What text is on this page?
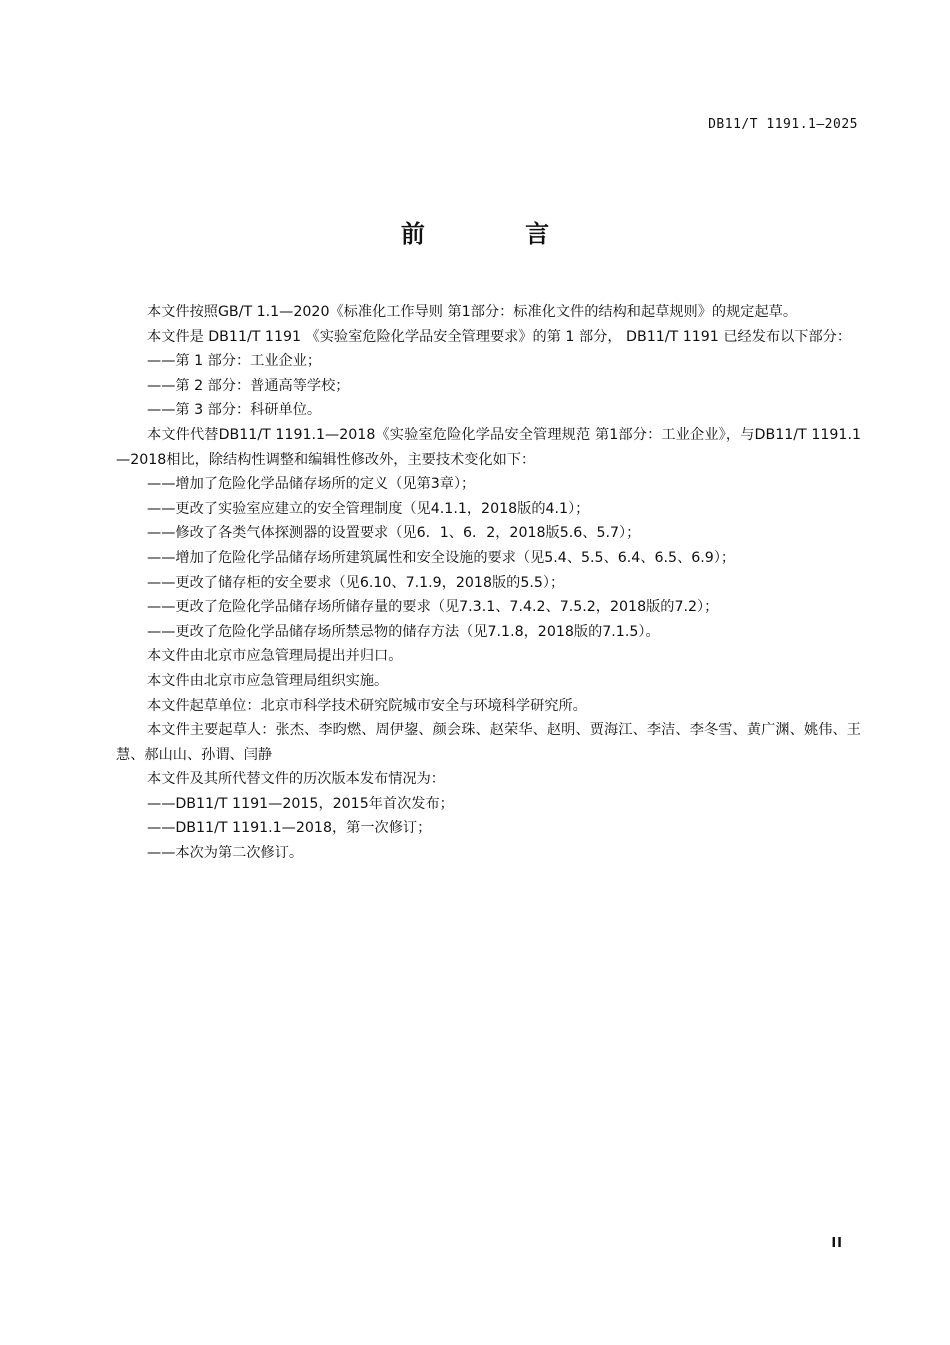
DB11/T 1191.1—2025
前 言

本文件按照GB/T 1.1—2020《标准化工作导则 第1部分：标准化文件的结构和起草规则》的规定起草。

本文件是 DB11/T 1191 《实验室危险化学品安全管理要求》的第 1 部分， DB11/T 1191 已经发布以下部分：

——第 1 部分：工业企业；

——第 2 部分：普通高等学校；

——第 3 部分：科研单位。

本文件代替DB11/T 1191.1—2018《实验室危险化学品安全管理规范 第1部分：工业企业》，与DB11/T 1191.1—2018相比，除结构性调整和编辑性修改外，主要技术变化如下：

——增加了危险化学品储存场所的定义（见第3章）；

——更改了实验室应建立的安全管理制度（见4.1.1，2018版的4.1）；

——修改了各类气体探测器的设置要求（见6．1、6．2，2018版5.6、5.7）；

——增加了危险化学品储存场所建筑属性和安全设施的要求（见5.4、5.5、6.4、6.5、6.9）；

——更改了储存柜的安全要求（见6.10、7.1.9，2018版的5.5）；

——更改了危险化学品储存场所储存量的要求（见7.3.1、7.4.2、7.5.2，2018版的7.2）；

——更改了危险化学品储存场所禁忌物的储存方法（见7.1.8，2018版的7.1.5）。

本文件由北京市应急管理局提出并归口。

本文件由北京市应急管理局组织实施。

本文件起草单位：北京市科学技术研究院城市安全与环境科学研究所。

本文件主要起草人：张杰、李昀燃、周伊鋆、颜会珠、赵荣华、赵明、贾海江、李洁、李冬雪、黄广渊、姚伟、王慧、郝山山、孙谓、闫静

本文件及其所代替文件的历次版本发布情况为：

——DB11/T 1191—2015，2015年首次发布；

——DB11/T 1191.1—2018，第一次修订；

——本次为第二次修订。

II
